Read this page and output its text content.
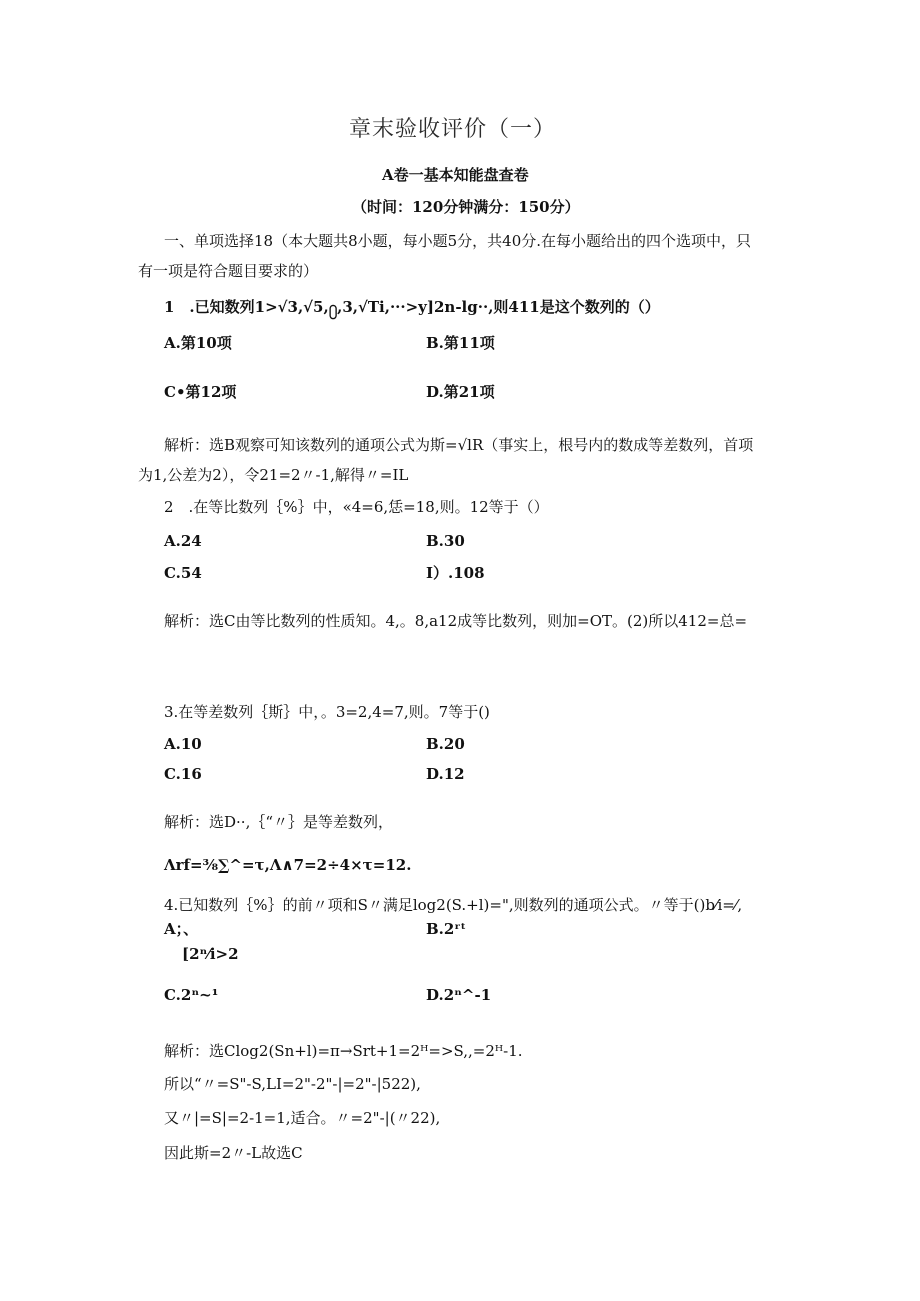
章末验收评价（一）
A卷一基本知能盘查卷
（时间：120分钟满分：150分）
一、单项选择18（本大题共8小题，每小题5分，共40分.在每小题给出的四个选项中，只
有一项是符合题目要求的）
1　.已知数列1>√3,√5,႐,3,√Ti,···>y]2n-lg··,则411是这个数列的（）
A.第10项	B.第11项
C•第12项	D.第21项
解析：选B观察可知该数列的通项公式为斯=√lR（事实上，根号内的数成等差数列，首项
为1,公差为2），令21=2〃-1,解得〃=IL
2　.在等比数列｛%｝中，«4=6,恁=18,则。12等于（）
A.24	B.30
C.54	I）.108
解析：选C由等比数列的性质知。4,。8,a12成等比数列，则加=OT。(2)所以412=总=
3.在等差数列｛斯｝中，。3=2,4=7,则。7等于()
A.10	B.20
C.16	D.12
解析：选D··,｛“〃｝是等差数列，
Λrf=⅜∑^=τ,Λ∧7=2÷4×τ=12.
4.已知数列｛%｝的前〃项和S〃满足log2(S.+l)=",则数列的通项公式。〃等于()b⁄i=⁄,
A；、	B.2ʳᵗ
[2ⁿ⁄i>2
C.2ⁿ~¹	D.2ⁿ^-1
解析：选Clog2(Sn+l)=π→Srt+1=2ᴴ=>S,,=2ᴴ-1.
所以“〃=S"-S,LI=2"-2"-|=2"-|522),
又〃|=S|=2-1=1,适合。〃=2"-|(〃22),
因此斯=2〃-L故选C
